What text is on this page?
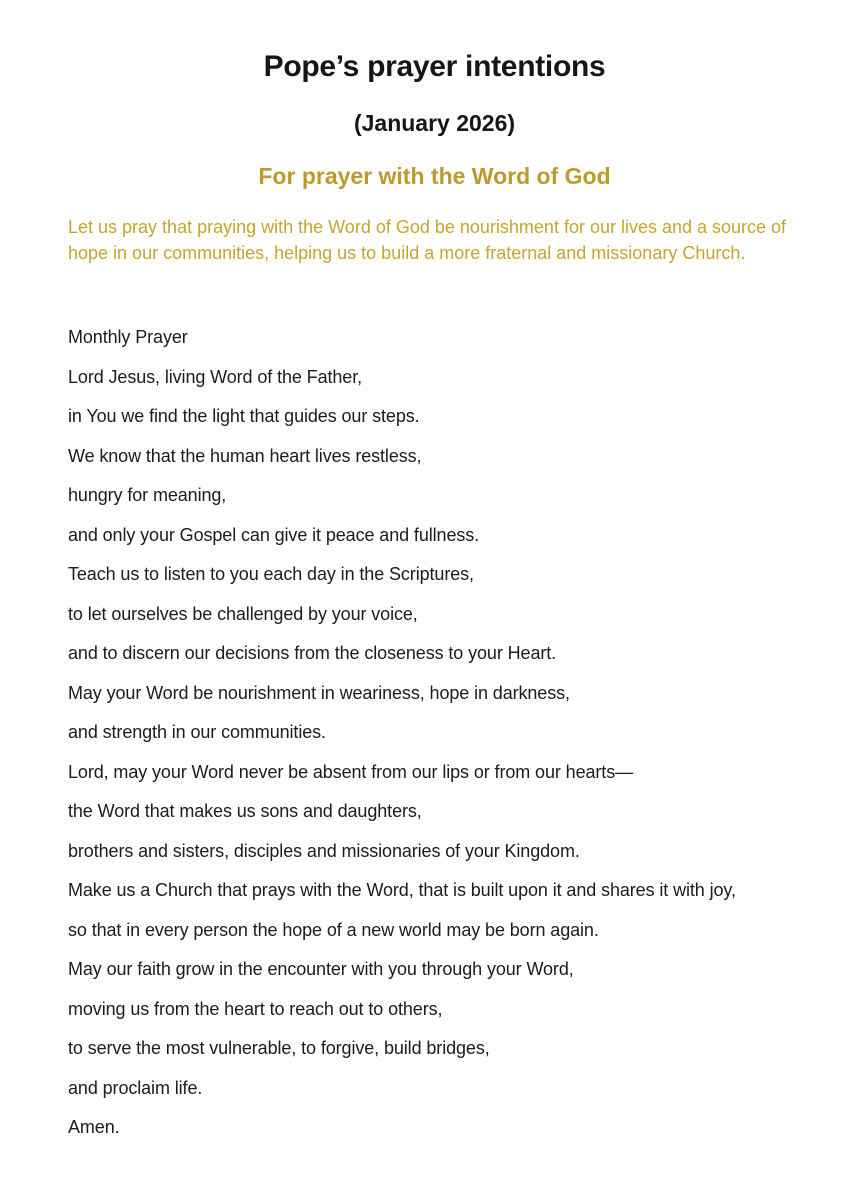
Pope’s prayer intentions
(January 2026)
For prayer with the Word of God

Let us pray that praying with the Word of God be nourishment for our lives and a source of hope in our communities, helping us to build a more fraternal and missionary Church.

Monthly Prayer

Lord Jesus, living Word of the Father,

in You we find the light that guides our steps.

We know that the human heart lives restless,

hungry for meaning,

and only your Gospel can give it peace and fullness.

Teach us to listen to you each day in the Scriptures,

to let ourselves be challenged by your voice,

and to discern our decisions from the closeness to your Heart.

May your Word be nourishment in weariness, hope in darkness,

and strength in our communities.

Lord, may your Word never be absent from our lips or from our hearts—

the Word that makes us sons and daughters,

brothers and sisters, disciples and missionaries of your Kingdom.

Make us a Church that prays with the Word, that is built upon it and shares it with joy,

so that in every person the hope of a new world may be born again.

May our faith grow in the encounter with you through your Word,

moving us from the heart to reach out to others,

to serve the most vulnerable, to forgive, build bridges,

and proclaim life.

Amen.
